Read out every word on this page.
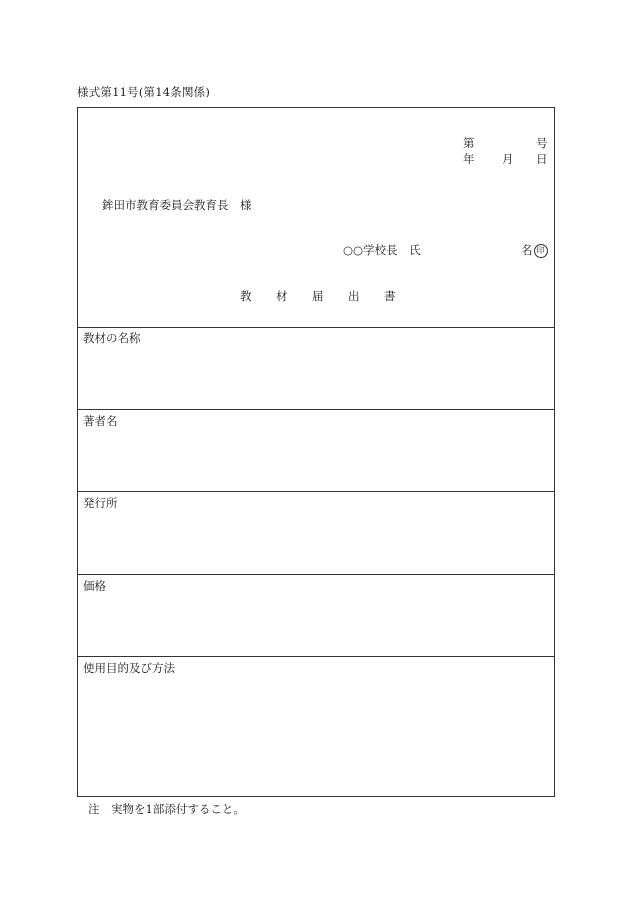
様式第11号(第14条関係)
第	号
年 月 日
鉾田市教育委員会教育長　様
○○学校長　氏	名 印
教 材 届 出 書
教材の名称
著者名
発行所
価格
使用目的及び方法
注　実物を1部添付すること。
